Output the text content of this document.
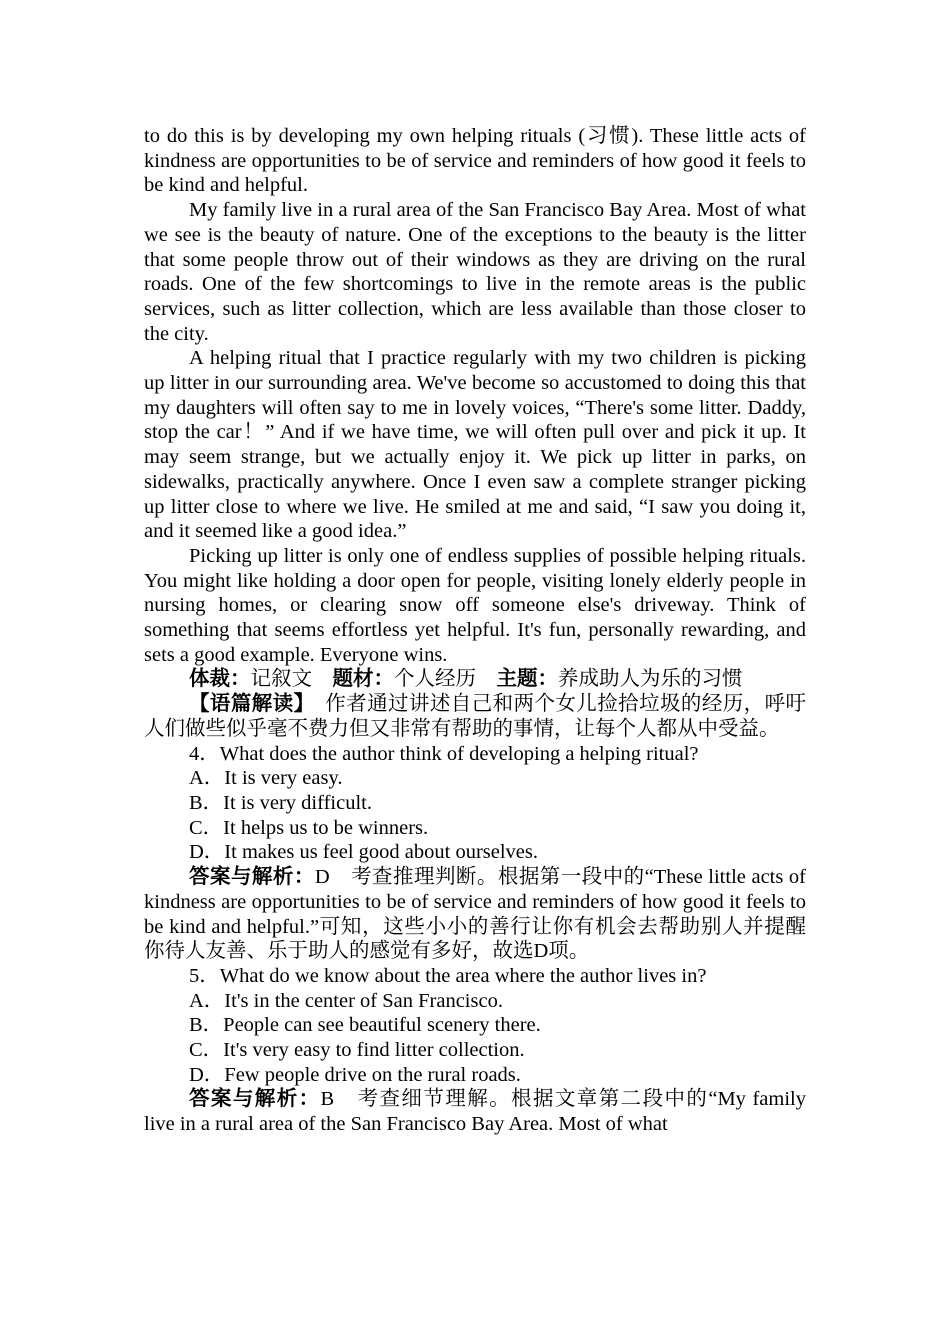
to do this is by developing my own helping rituals (习惯). These little acts of kindness are opportunities to be of service and reminders of how good it feels to be kind and helpful.

My family live in a rural area of the San Francisco Bay Area. Most of what we see is the beauty of nature. One of the exceptions to the beauty is the litter that some people throw out of their windows as they are driving on the rural roads. One of the few shortcomings to live in the remote areas is the public services, such as litter collection, which are less available than those closer to the city.

A helping ritual that I practice regularly with my two children is picking up litter in our surrounding area. We've become so accustomed to doing this that my daughters will often say to me in lovely voices, “There's some litter. Daddy, stop the car！” And if we have time, we will often pull over and pick it up. It may seem strange, but we actually enjoy it. We pick up litter in parks, on sidewalks, practically anywhere. Once I even saw a complete stranger picking up litter close to where we live. He smiled at me and said, “I saw you doing it, and it seemed like a good idea.”

Picking up litter is only one of endless supplies of possible helping rituals. You might like holding a door open for people, visiting lonely elderly people in nursing homes, or clearing snow off someone else's driveway. Think of something that seems effortless yet helpful. It's fun, personally rewarding, and sets a good example. Everyone wins.

体裁：记叙文　 题材：个人经历　 主题：养成助人为乐的习惯

【语篇解读】　 作者通过讲述自己和两个女儿捡拾垃圾的经历，呼吁人们做些似乎毫不费力但又非常有帮助的事情，让每个人都从中受益。

4．What does the author think of developing a helping ritual?

A．It is very easy.

B．It is very difficult.

C．It helps us to be winners.

D．It makes us feel good about ourselves.

答案与解析：D　考查推理判断。根据第一段中的“These little acts of kindness are opportunities to be of service and reminders of how good it feels to be kind and helpful.”可知，这些小小的善行让你有机会去帮助别人并提醒你待人友善、乐于助人的感觉有多好，故选D项。

5．What do we know about the area where the author lives in?

A．It's in the center of San Francisco.

B．People can see beautiful scenery there.

C．It's very easy to find litter collection.

D．Few people drive on the rural roads.

答案与解析：B　考查细节理解。根据文章第二段中的“My family live in a rural area of the San Francisco Bay Area. Most of what
